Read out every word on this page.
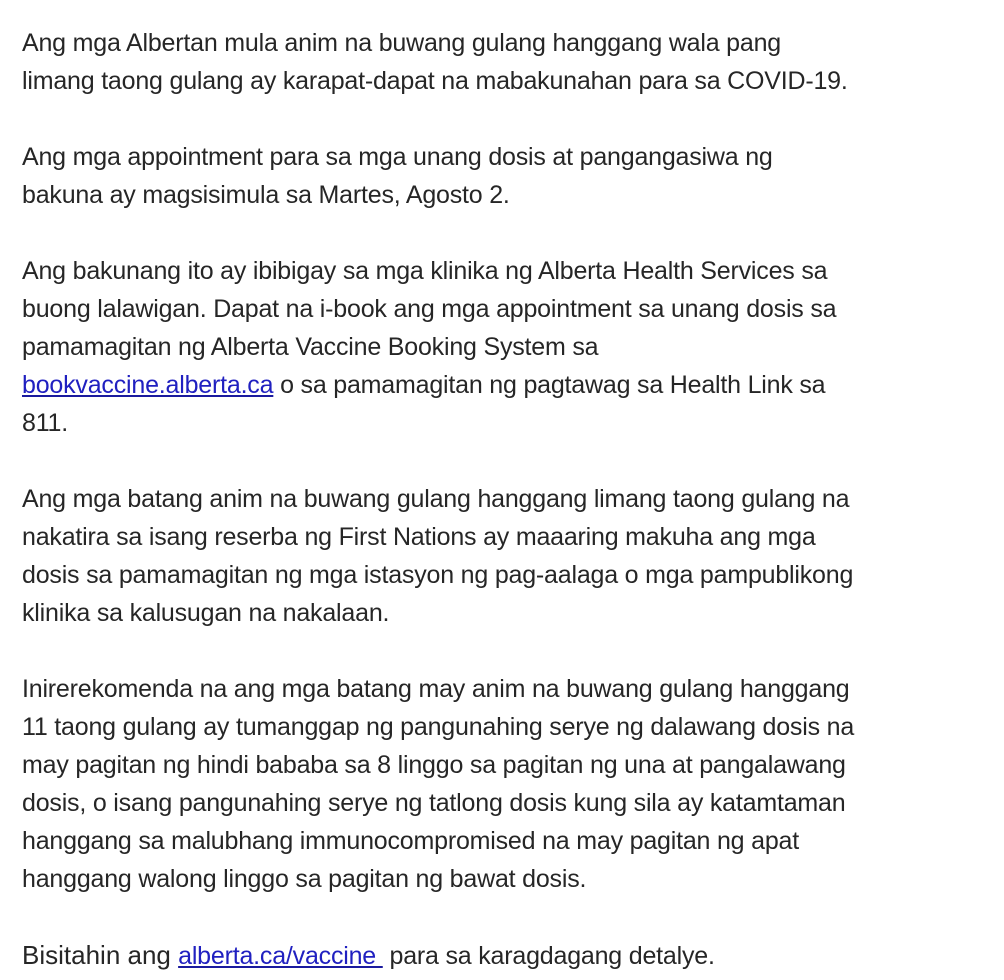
Ang mga Albertan mula anim na buwang gulang hanggang wala pang
limang taong gulang ay karapat-dapat na mabakunahan para sa COVID-19.
Ang mga appointment para sa mga unang dosis at pangangasiwa ng
bakuna ay magsisimula sa Martes, Agosto 2.
Ang bakunang ito ay ibibigay sa mga klinika ng Alberta Health Services sa
buong lalawigan. Dapat na i-book ang mga appointment sa unang dosis sa
pamamagitan ng Alberta Vaccine Booking System sa
bookvaccine.alberta.ca o sa pamamagitan ng pagtawag sa Health Link sa
811.
Ang mga batang anim na buwang gulang hanggang limang taong gulang na
nakatira sa isang reserba ng First Nations ay maaaring makuha ang mga
dosis sa pamamagitan ng mga istasyon ng pag-aalaga o mga pampublikong
klinika sa kalusugan na nakalaan.
Inirerekomenda na ang mga batang may anim na buwang gulang hanggang
11 taong gulang ay tumanggap ng pangunahing serye ng dalawang dosis na
may pagitan ng hindi bababa sa 8 linggo sa pagitan ng una at pangalawang
dosis, o isang pangunahing serye ng tatlong dosis kung sila ay katamtaman
hanggang sa malubhang immunocompromised na may pagitan ng apat
hanggang walong linggo sa pagitan ng bawat dosis.
Bisitahin ang alberta.ca/vaccine  para sa karagdagang detalye.
